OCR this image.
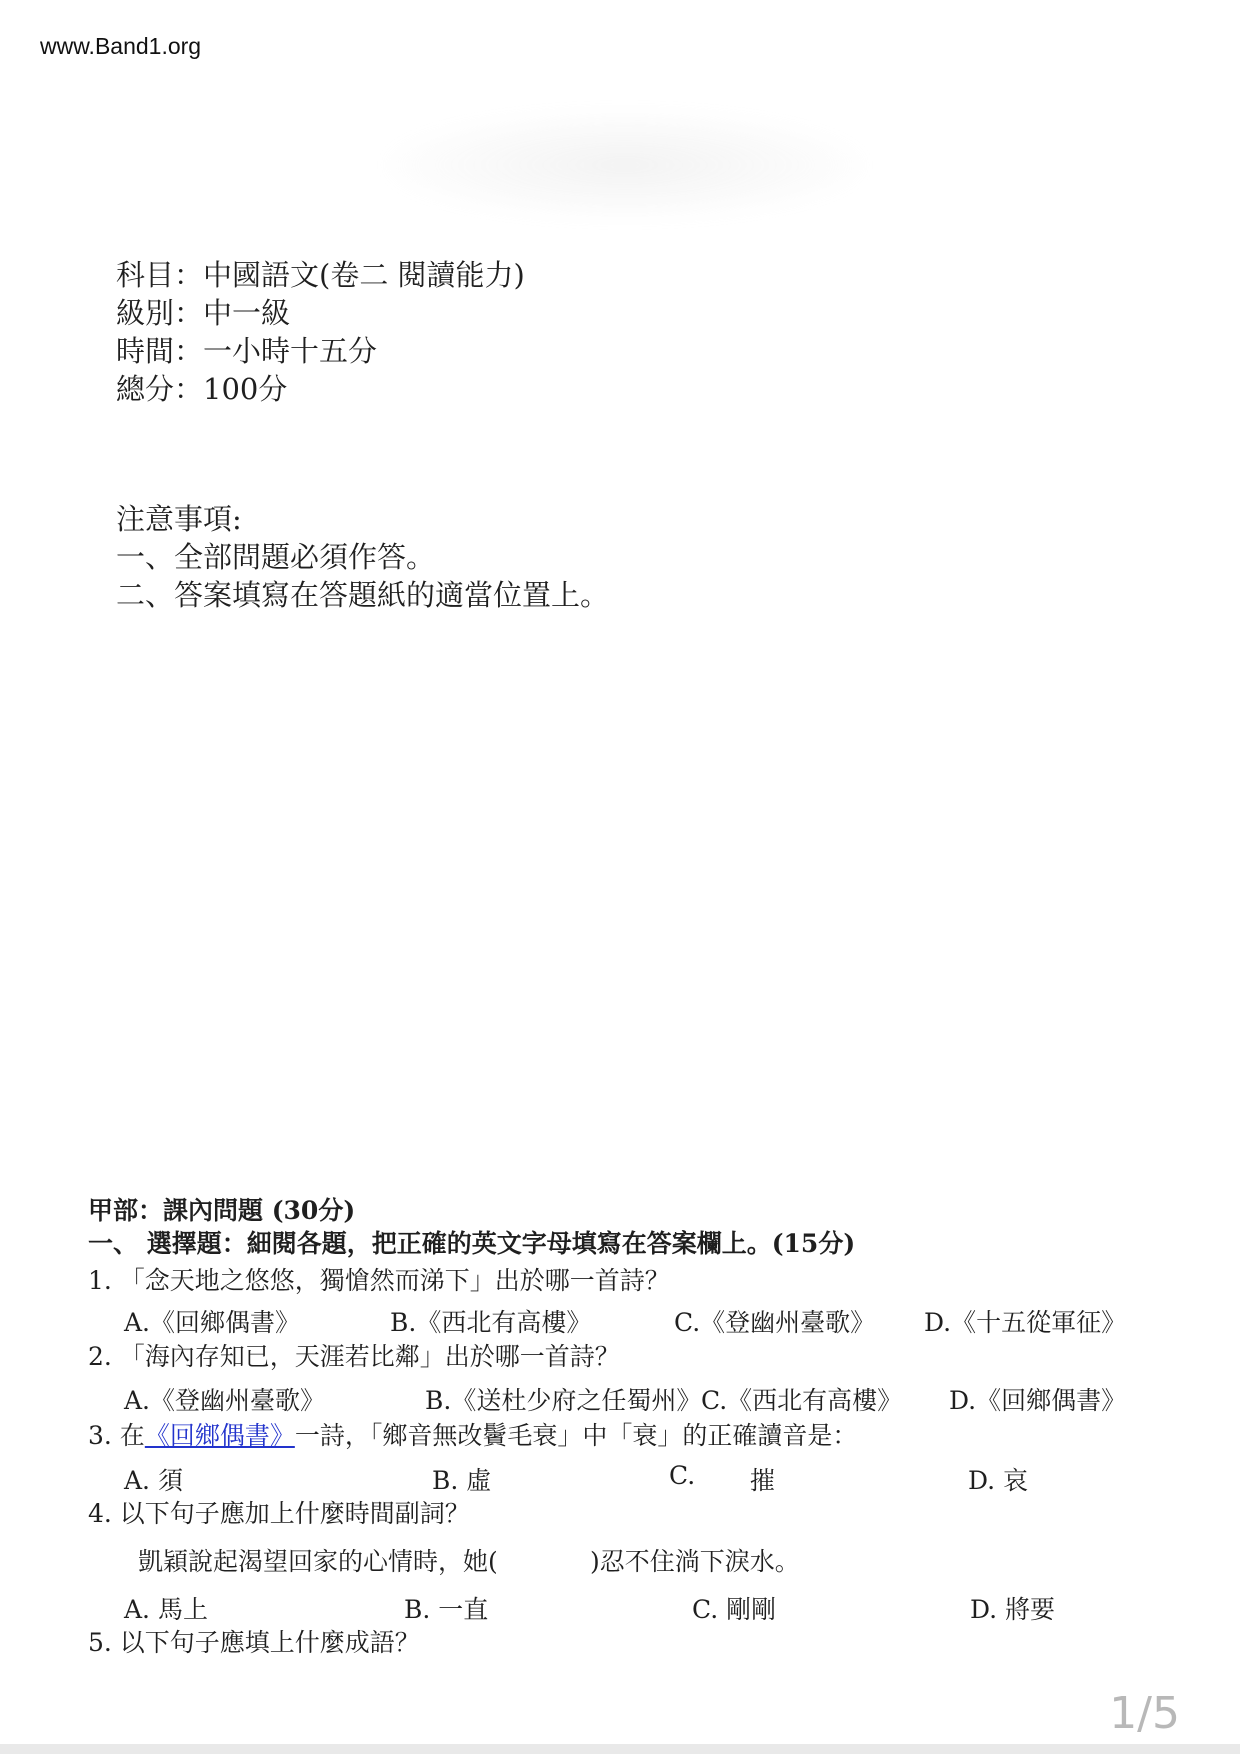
www.Band1.org
科目：中國語文(卷二 閱讀能力)
級別：中一級
時間：一小時十五分
總分：100分
注意事項:
一、全部問題必須作答。
二、答案填寫在答題紙的適當位置上。
甲部：課內問題 (30分)
一、 選擇題：細閱各題，把正確的英文字母填寫在答案欄上。(15分)
1. 「念天地之悠悠，獨愴然而涕下」出於哪一首詩？
A.《回鄉偶書》	B.《西北有高樓》	C.《登幽州臺歌》 D.《十五從軍征》
2. 「海內存知已，天涯若比鄰」出於哪一首詩？
A.《登幽州臺歌》	B.《送杜少府之任蜀州》 C.《西北有高樓》 D.《回鄉偶書》
3. 在《回鄉偶書》一詩，「鄉音無改鬢毛衰」中「衰」的正確讀音是：
A. 須	B. 虛	C. 摧	D. 哀
4. 以下句子應加上什麼時間副詞？
凱穎說起渴望回家的心情時，她(	)忍不住淌下淚水。
A. 馬上	B. 一直	C. 剛剛	D. 將要
5. 以下句子應填上什麼成語？
1/5
